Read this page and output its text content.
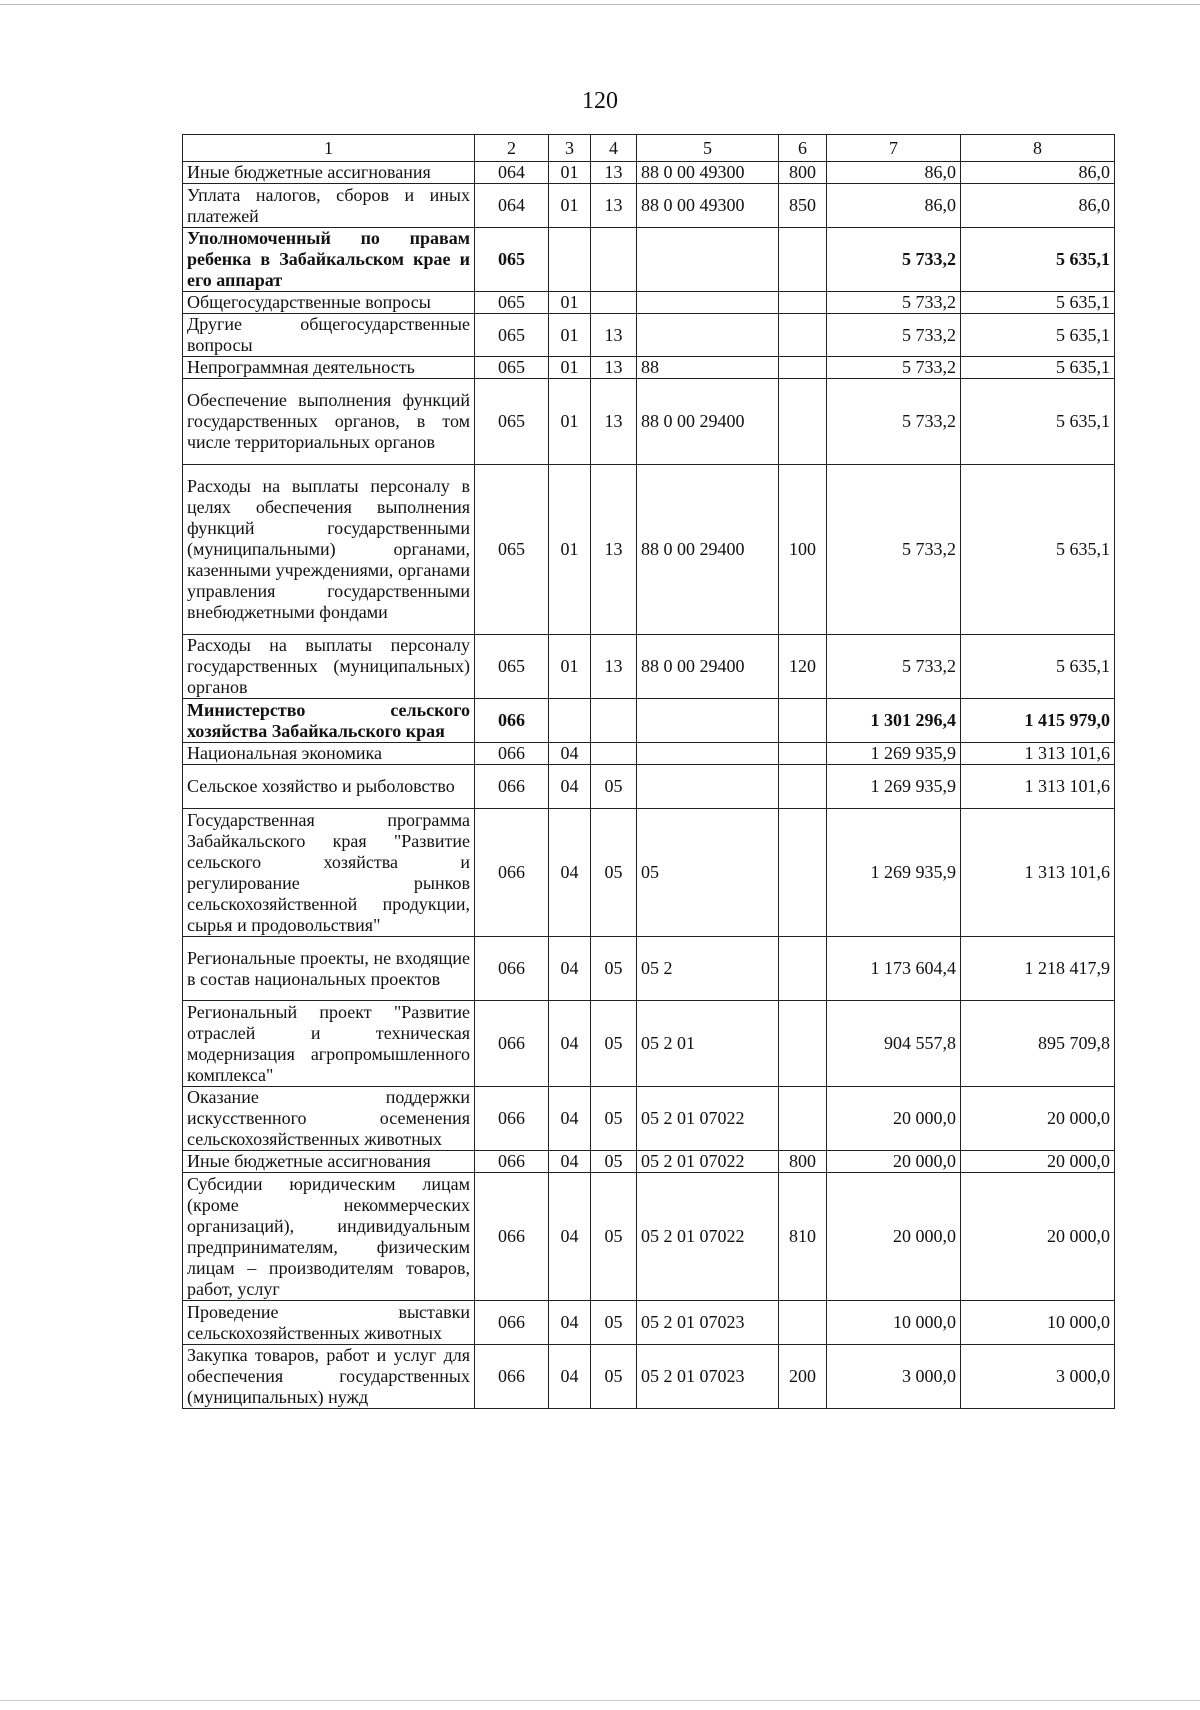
120
1	2	3	4	5	6	7	8
Иные бюджетные ассигнования	064	01	13	88 0 00 49300	800	86,0	86,0
Уплата налогов, сборов и иных платежей	064	01	13	88 0 00 49300	850	86,0	86,0
Уполномоченный по правам ребенка в Забайкальском крае и его аппарат	065					5 733,2	5 635,1
Общегосударственные вопросы	065	01				5 733,2	5 635,1
Другие общегосударственные вопросы	065	01	13			5 733,2	5 635,1
Непрограммная деятельность	065	01	13	88		5 733,2	5 635,1
Обеспечение выполнения функций государственных органов, в том числе территориальных органов	065	01	13	88 0 00 29400		5 733,2	5 635,1
Расходы на выплаты персоналу в целях обеспечения выполнения функций государственными (муниципальными) органами, казенными учреждениями, органами управления государственными внебюджетными фондами	065	01	13	88 0 00 29400	100	5 733,2	5 635,1
Расходы на выплаты персоналу государственных (муниципальных) органов	065	01	13	88 0 00 29400	120	5 733,2	5 635,1
Министерство сельского хозяйства Забайкальского края	066					1 301 296,4	1 415 979,0
Национальная экономика	066	04				1 269 935,9	1 313 101,6
Сельское хозяйство и рыболовство	066	04	05			1 269 935,9	1 313 101,6
Государственная программа Забайкальского края "Развитие сельского хозяйства и регулирование рынков сельскохозяйственной продукции, сырья и продовольствия"	066	04	05	05		1 269 935,9	1 313 101,6
Региональные проекты, не входящие в состав национальных проектов	066	04	05	05 2		1 173 604,4	1 218 417,9
Региональный проект "Развитие отраслей и техническая модернизация агропромышленного комплекса"	066	04	05	05 2 01		904 557,8	895 709,8
Оказание поддержки искусственного осеменения сельскохозяйственных животных	066	04	05	05 2 01 07022		20 000,0	20 000,0
Иные бюджетные ассигнования	066	04	05	05 2 01 07022	800	20 000,0	20 000,0
Субсидии юридическим лицам (кроме некоммерческих организаций), индивидуальным предпринимателям, физическим лицам – производителям товаров, работ, услуг	066	04	05	05 2 01 07022	810	20 000,0	20 000,0
Проведение выставки сельскохозяйственных животных	066	04	05	05 2 01 07023		10 000,0	10 000,0
Закупка товаров, работ и услуг для обеспечения государственных (муниципальных) нужд	066	04	05	05 2 01 07023	200	3 000,0	3 000,0
